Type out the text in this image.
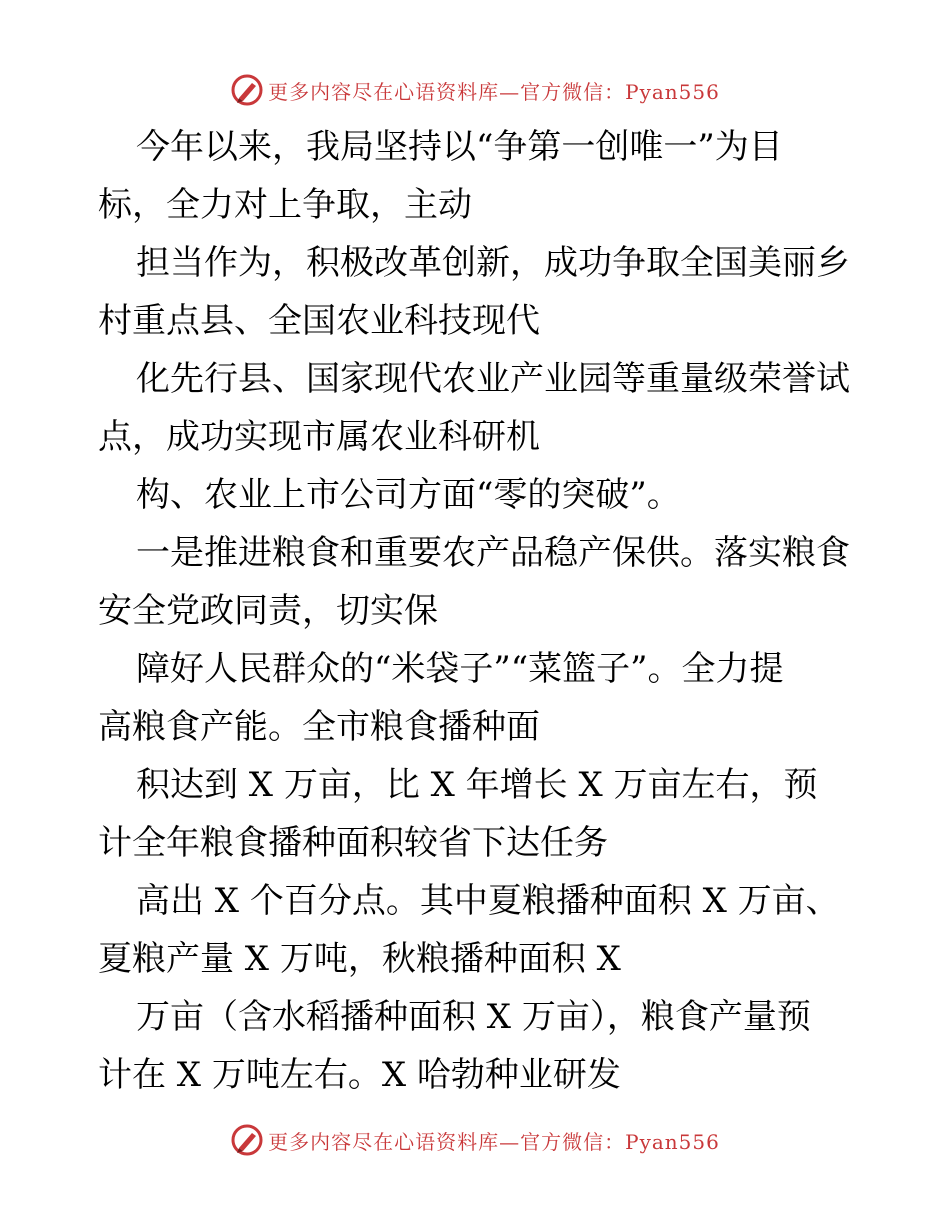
更多内容尽在心语资料库—官方微信：Pyan556
今年以来，我局坚持以“争第一创唯一”为目
标，全力对上争取，主动
担当作为，积极改革创新，成功争取全国美丽乡
村重点县、全国农业科技现代
化先行县、国家现代农业产业园等重量级荣誉试
点，成功实现市属农业科研机
构、农业上市公司方面“零的突破”。
一是推进粮食和重要农产品稳产保供。落实粮食
安全党政同责，切实保
障好人民群众的“米袋子”“菜篮子”。全力提
高粮食产能。全市粮食播种面
积达到 X 万亩，比 X 年增长 X 万亩左右，预
计全年粮食播种面积较省下达任务
高出 X 个百分点。其中夏粮播种面积 X 万亩、
夏粮产量 X 万吨，秋粮播种面积 X
万亩（含水稻播种面积 X 万亩），粮食产量预
计在 X 万吨左右。X 哈勃种业研发
更多内容尽在心语资料库—官方微信：Pyan556
